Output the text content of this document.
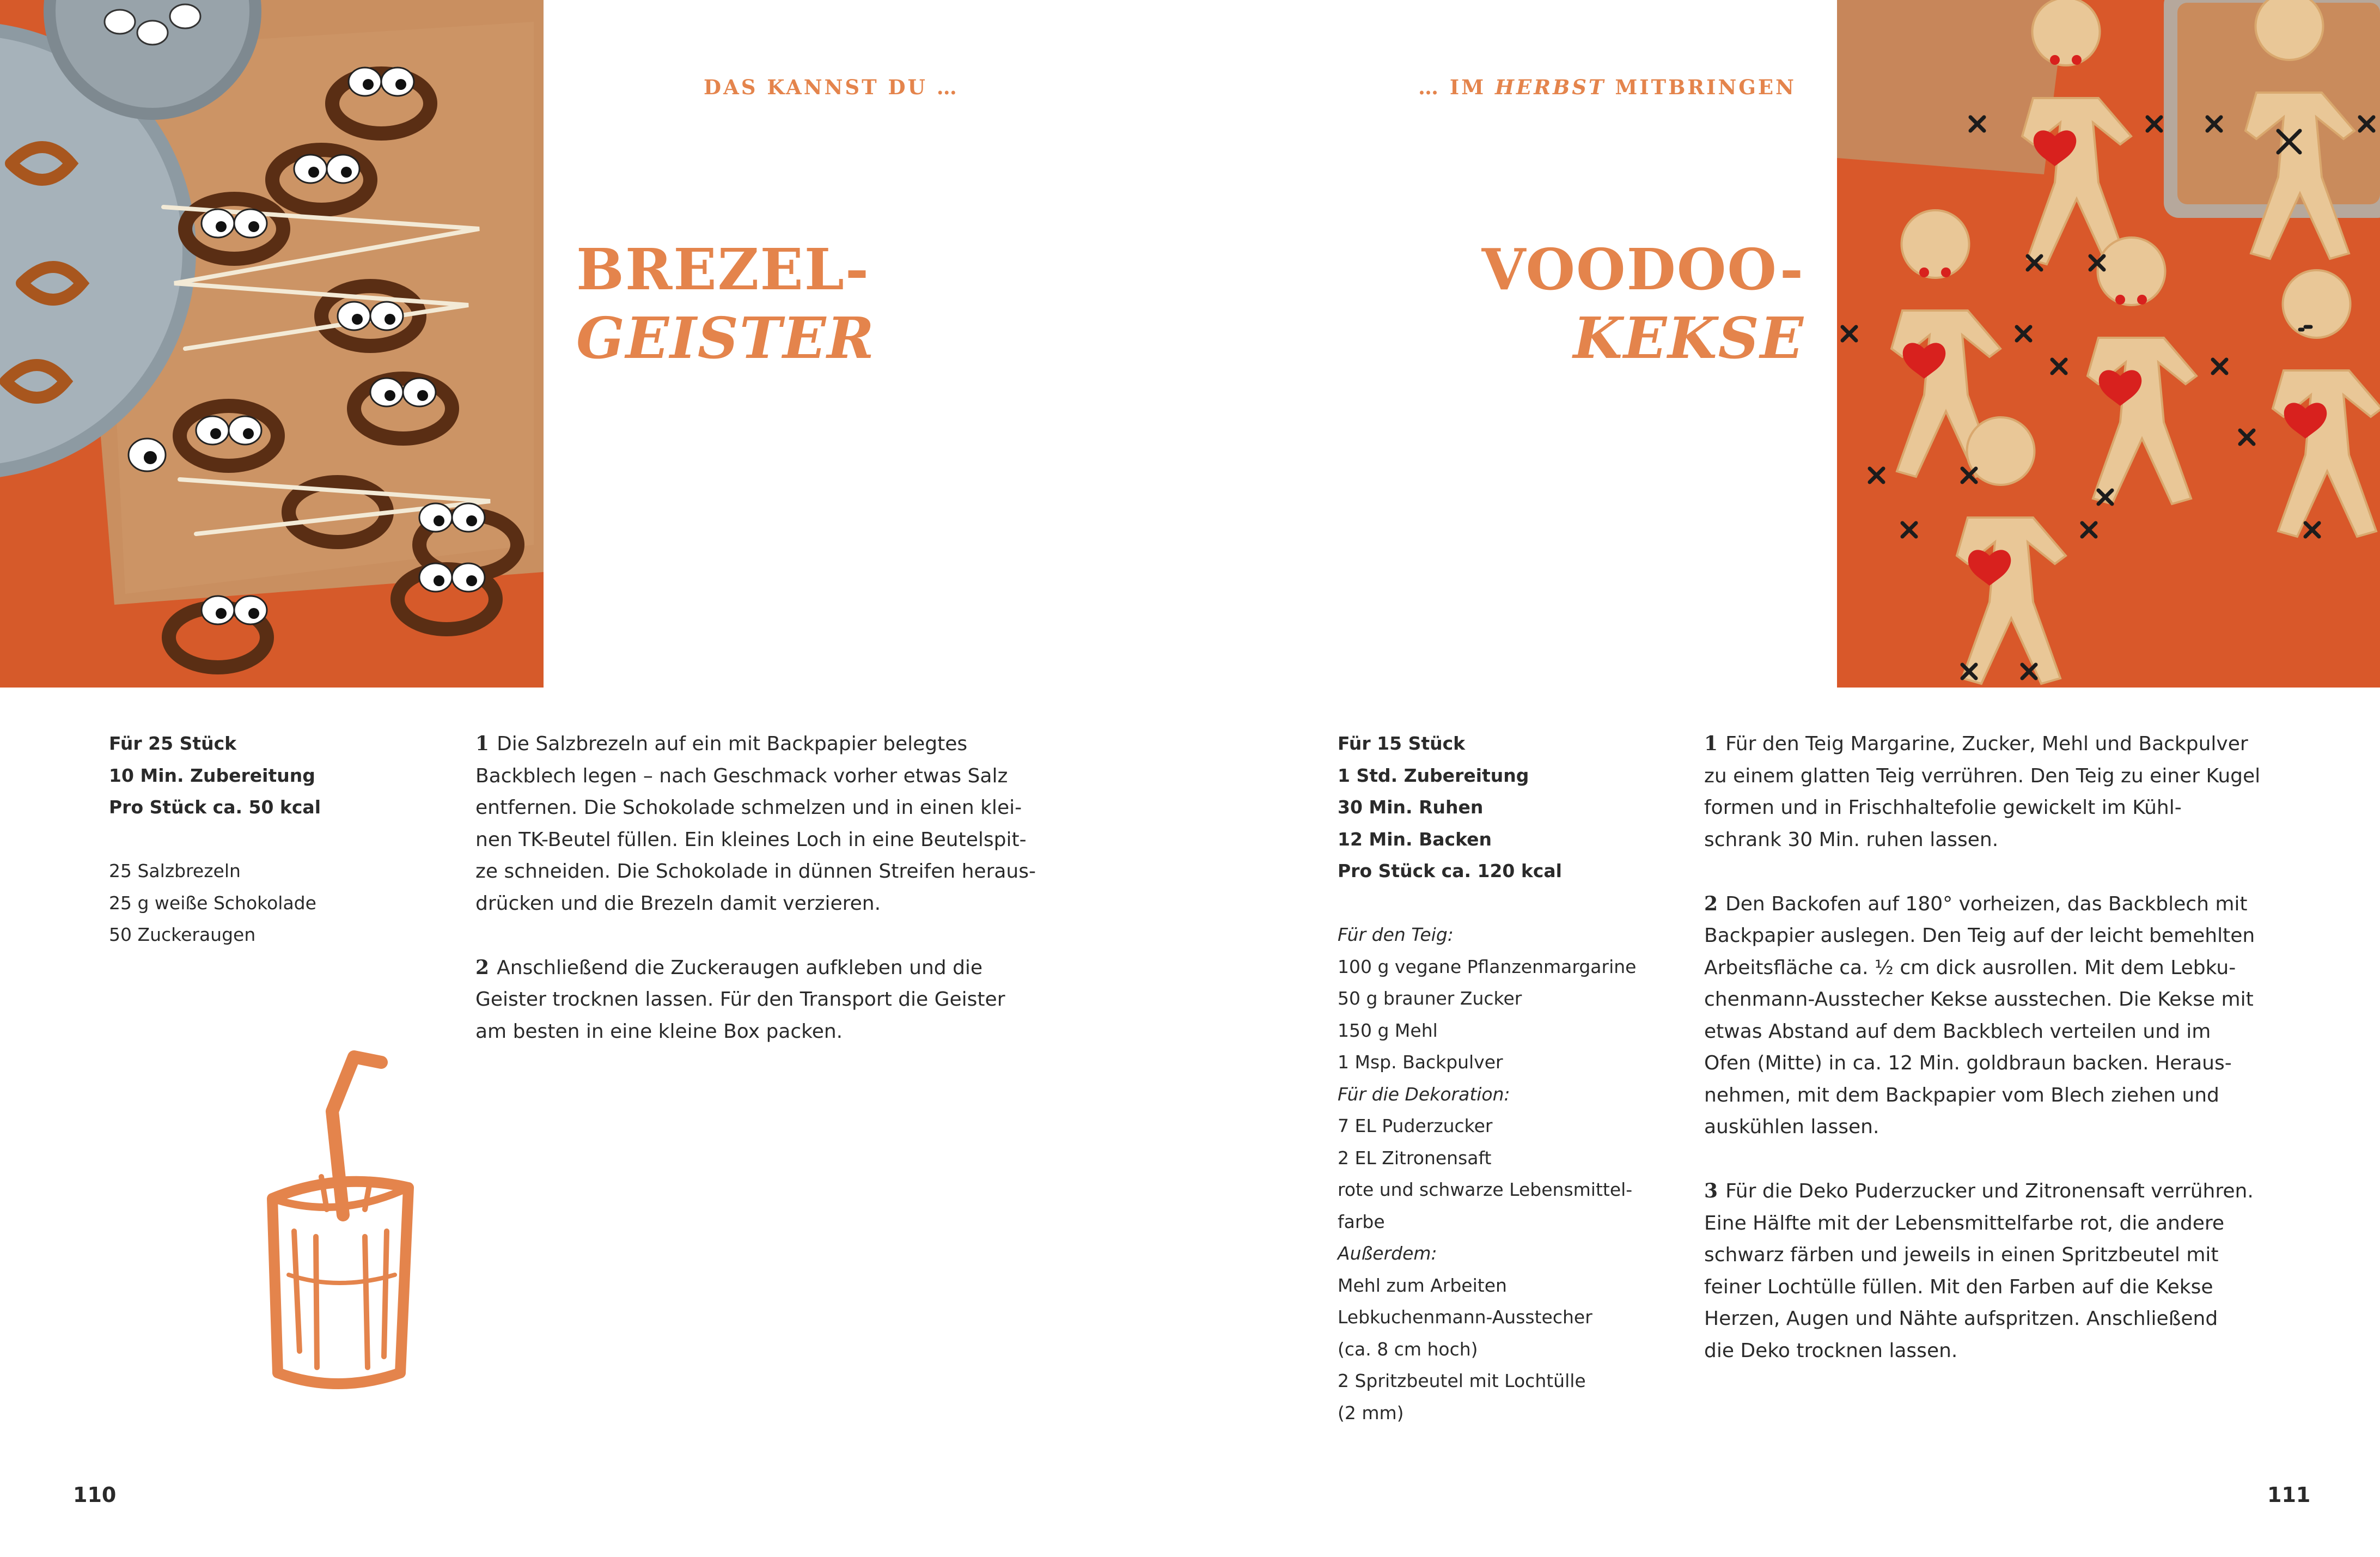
DAS KANNST DU …
BREZEL-
GEISTER
Für 25 Stück
10 Min. Zubereitung
Pro Stück ca. 50 kcal
25 Salzbrezeln
25 g weiße Schokolade
50 Zuckeraugen
1 Die Salzbrezeln auf ein mit Backpapier belegtes
Backblech legen – nach Geschmack vorher etwas Salz
entfernen. Die Schokolade schmelzen und in einen klei-
nen TK-Beutel füllen. Ein kleines Loch in eine Beutelspit-
ze schneiden. Die Schokolade in dünnen Streifen heraus-
drücken und die Brezeln damit verzieren.
2 Anschließend die Zuckeraugen aufkleben und die
Geister trocknen lassen. Für den Transport die Geister
am besten in eine kleine Box packen.
110
… IM HERBST MITBRINGEN
VOODOO-
KEKSE
Für 15 Stück
1 Std. Zubereitung
30 Min. Ruhen
12 Min. Backen
Pro Stück ca. 120 kcal
Für den Teig:
100 g vegane Pflanzenmargarine
50 g brauner Zucker
150 g Mehl
1 Msp. Backpulver
Für die Dekoration:
7 EL Puderzucker
2 EL Zitronensaft
rote und schwarze Lebensmittel-
farbe
Außerdem:
Mehl zum Arbeiten
Lebkuchenmann-Ausstecher
(ca. 8 cm hoch)
2 Spritzbeutel mit Lochtülle
(2 mm)
1 Für den Teig Margarine, Zucker, Mehl und Backpulver
zu einem glatten Teig verrühren. Den Teig zu einer Kugel
formen und in Frischhaltefolie gewickelt im Kühl-
schrank 30 Min. ruhen lassen.
2 Den Backofen auf 180° vorheizen, das Backblech mit
Backpapier auslegen. Den Teig auf der leicht bemehlten
Arbeitsfläche ca. ½ cm dick ausrollen. Mit dem Lebku-
chenmann-Ausstecher Kekse ausstechen. Die Kekse mit
etwas Abstand auf dem Backblech verteilen und im
Ofen (Mitte) in ca. 12 Min. goldbraun backen. Heraus-
nehmen, mit dem Backpapier vom Blech ziehen und
auskühlen lassen.
3 Für die Deko Puderzucker und Zitronensaft verrühren.
Eine Hälfte mit der Lebensmittelfarbe rot, die andere
schwarz färben und jeweils in einen Spritzbeutel mit
feiner Lochtülle füllen. Mit den Farben auf die Kekse
Herzen, Augen und Nähte aufspritzen. Anschließend
die Deko trocknen lassen.
111
